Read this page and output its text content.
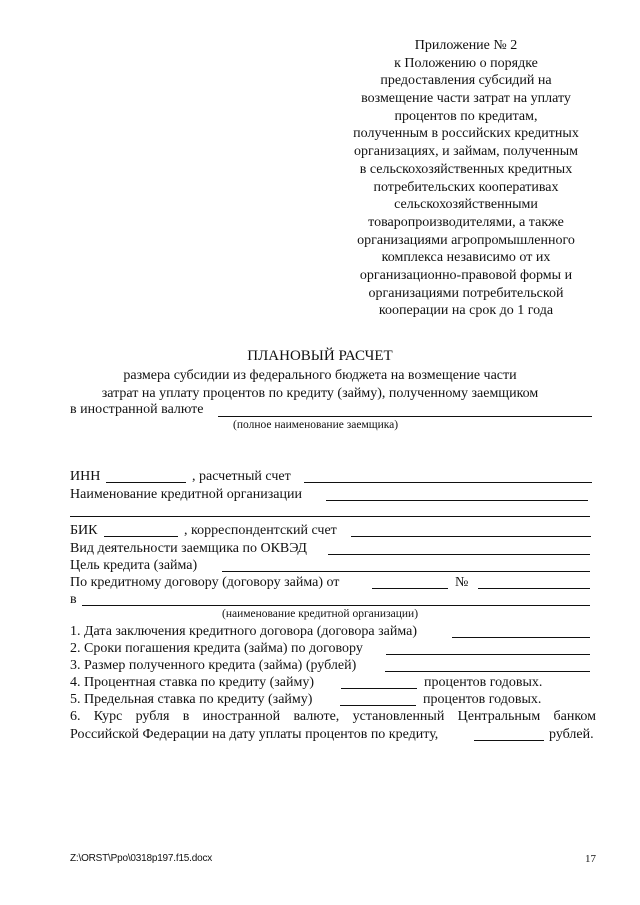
Приложение № 2
к Положению о порядке
предоставления субсидий на
возмещение части затрат на уплату
процентов по кредитам,
полученным в российских кредитных
организациях, и займам, полученным
в сельскохозяйственных кредитных
потребительских кооперативах
сельскохозяйственными
товаропроизводителями, а также
организациями агропромышленного
комплекса независимо от их
организационно-правовой формы и
организациями потребительской
кооперации на срок до 1 года
ПЛАНОВЫЙ РАСЧЕТ
размера субсидии из федерального бюджета на возмещение части
затрат на уплату процентов по кредиту (займу), полученному заемщиком
в иностранной валюте
(полное наименование заемщика)
ИНН	, расчетный счет
Наименование кредитной организации
БИК	, корреспондентский счет
Вид деятельности заемщика по ОКВЭД
Цель кредита (займа)
По кредитному договору (договору займа) от	№
в
(наименование кредитной организации)
1. Дата заключения кредитного договора (договора займа)
2. Сроки погашения кредита (займа) по договору
3. Размер полученного кредита (займа) (рублей)
4. Процентная ставка по кредиту (займу)	процентов годовых.
5. Предельная ставка по кредиту (займу)	процентов годовых.
6. Курс рубля в иностранной валюте, установленный Центральным банком
Российской Федерации на дату уплаты процентов по кредиту,	рублей.
Z:\ORST\Ppo\0318p197.f15.docx	17
